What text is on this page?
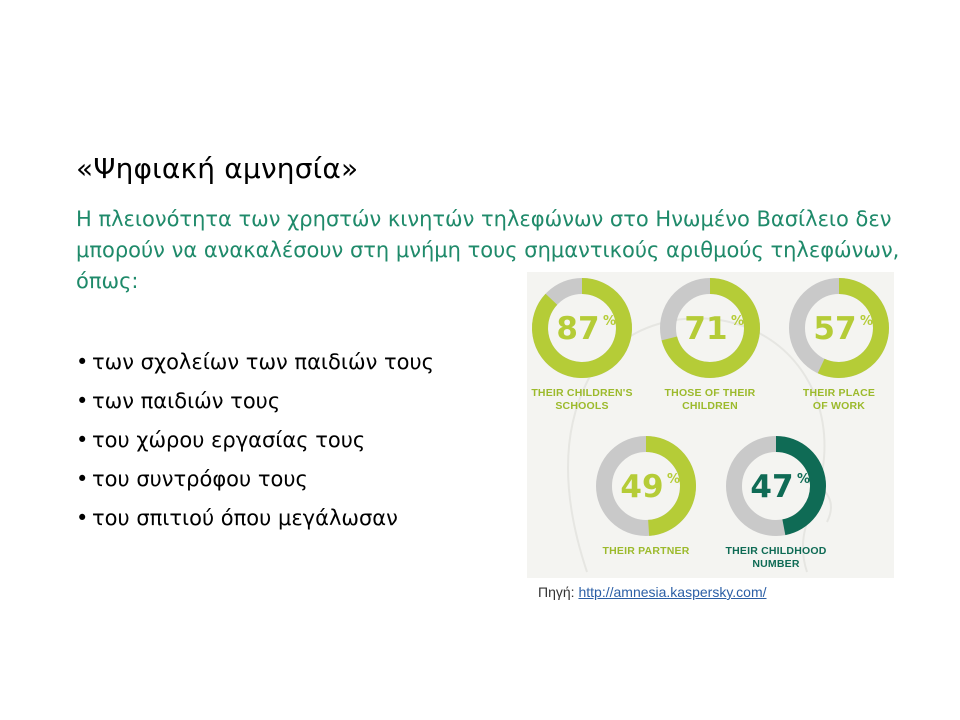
«Ψηφιακή αμνησία»
Η πλειονότητα των χρηστών κινητών τηλεφώνων στο Ηνωμένο Βασίλειο δεν μπορούν να ανακαλέσουν στη μνήμη τους σημαντικούς αριθμούς τηλεφώνων, όπως:
• των σχολείων των παιδιών τους
• των παιδιών τους
• του χώρου εργασίας τους
• του συντρόφου τους
• του σπιτιού όπου μεγάλωσαν
87 %
THEIR CHILDREN'S
SCHOOLS
71 %
THOSE OF THEIR
CHILDREN
57 %
THEIR PLACE
OF WORK
49 %
THEIR PARTNER
47 %
THEIR CHILDHOOD
NUMBER
Πηγή: http://amnesia.kaspersky.com/
